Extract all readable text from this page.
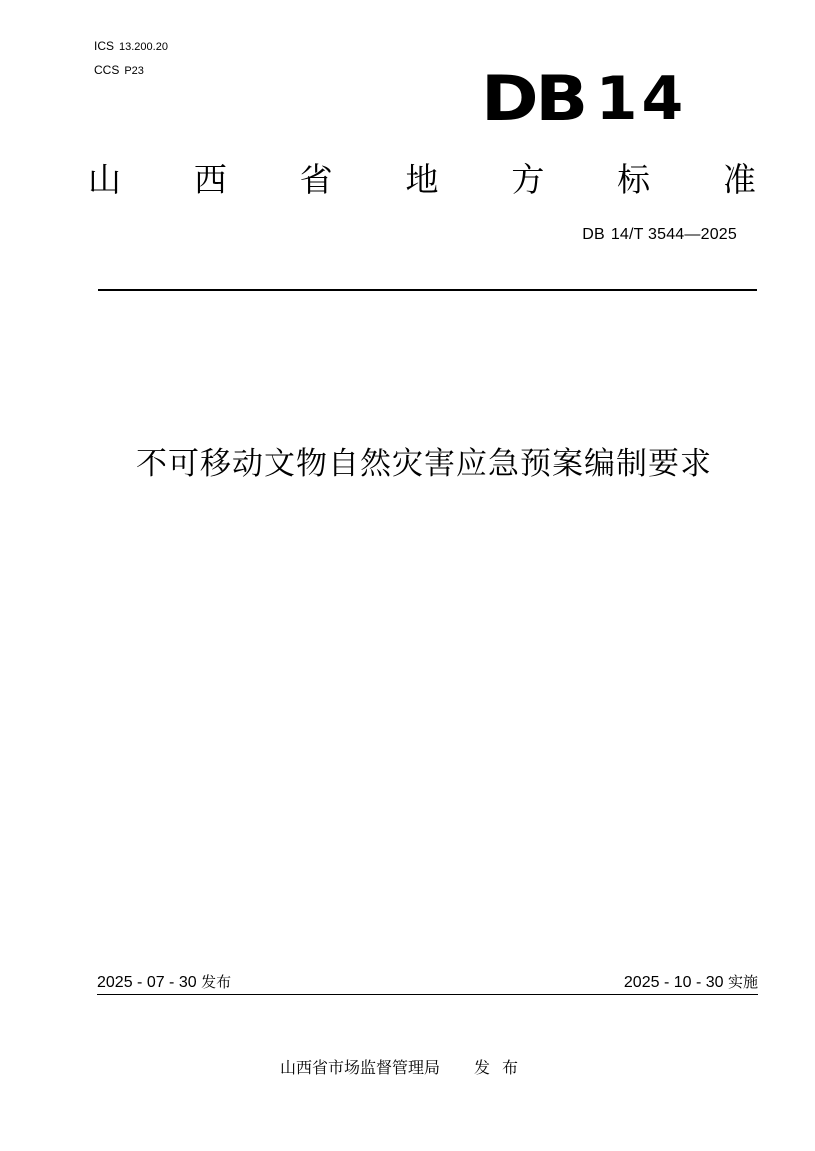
ICS 13.200.20
CCS P23	DB 14
山 西 省 地 方 标 准
DB 14/T 3544—2025
不可移动文物自然灾害应急预案编制要求
2025 - 07 - 30 发布	2025 - 10 - 30 实施
山西省市场监督管理局 发布
